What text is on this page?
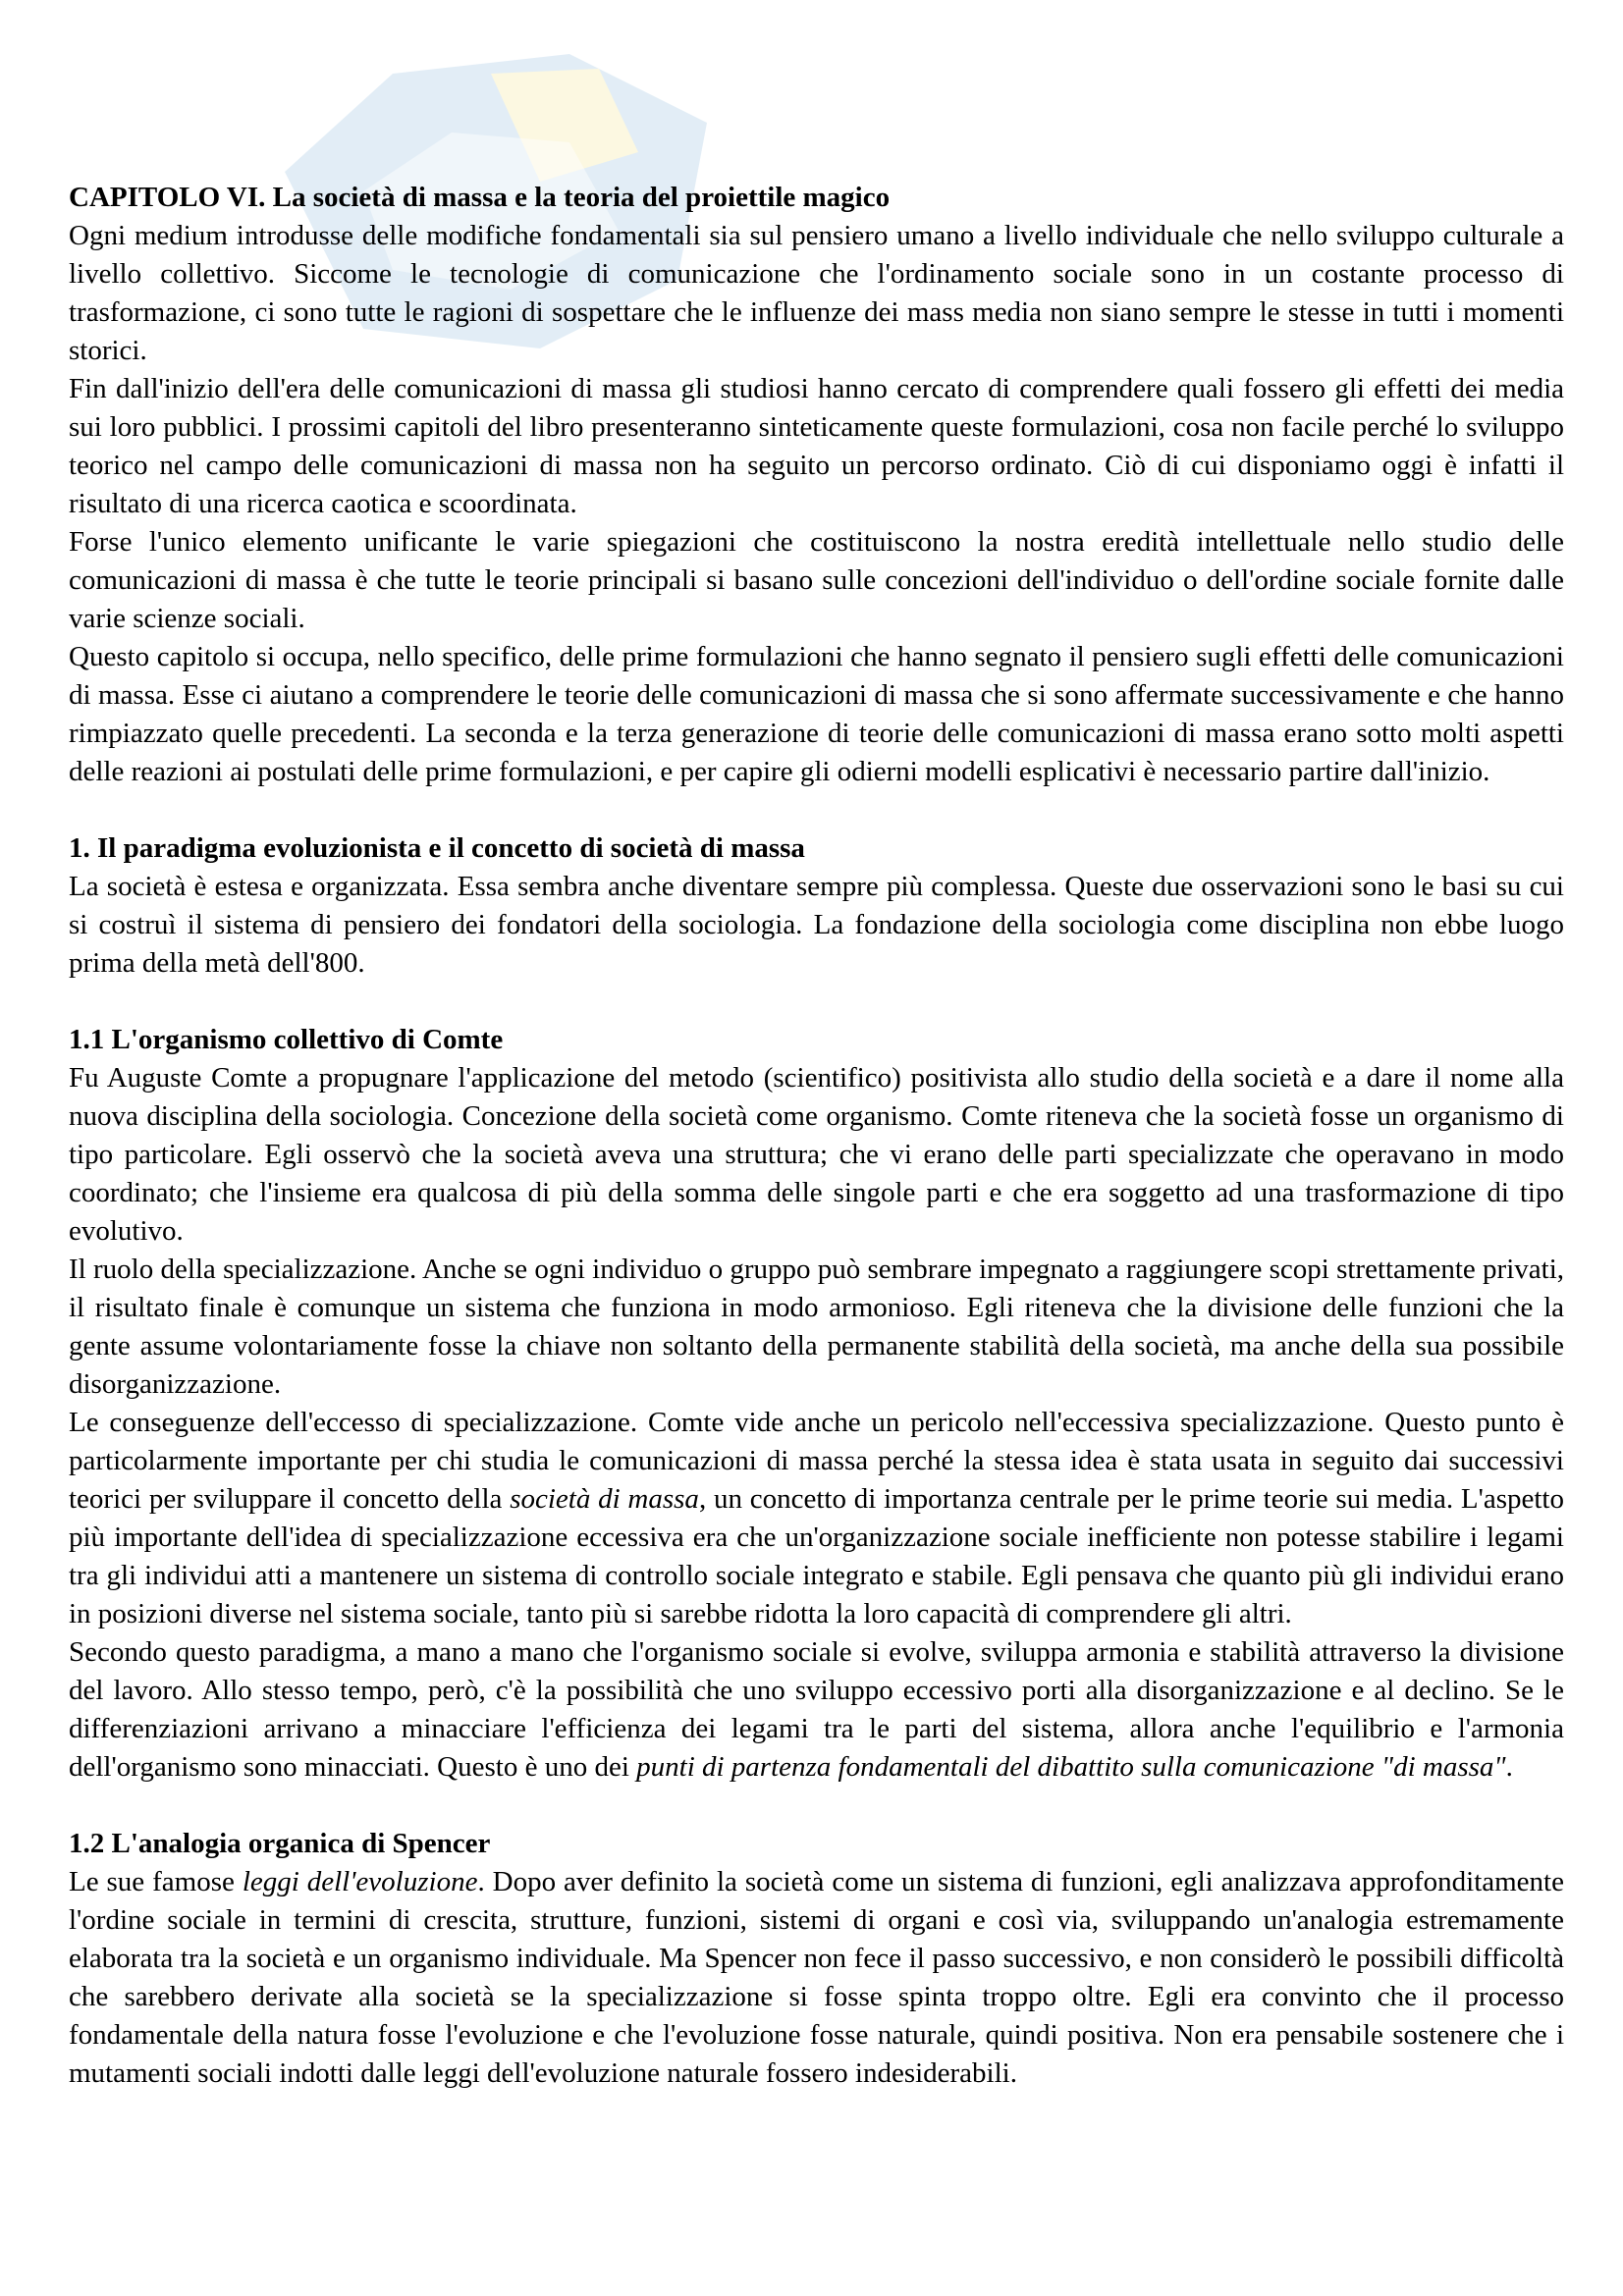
CAPITOLO VI. La società di massa e la teoria del proiettile magico

Ogni medium introdusse delle modifiche fondamentali sia sul pensiero umano a livello individuale che nello sviluppo culturale a livello collettivo. Siccome le tecnologie di comunicazione che l'ordinamento sociale sono in un costante processo di trasformazione, ci sono tutte le ragioni di sospettare che le influenze dei mass media non siano sempre le stesse in tutti i momenti storici.

Fin dall'inizio dell'era delle comunicazioni di massa gli studiosi hanno cercato di comprendere quali fossero gli effetti dei media sui loro pubblici. I prossimi capitoli del libro presenteranno sinteticamente queste formulazioni, cosa non facile perché lo sviluppo teorico nel campo delle comunicazioni di massa non ha seguito un percorso ordinato. Ciò di cui disponiamo oggi è infatti il risultato di una ricerca caotica e scoordinata.

Forse l'unico elemento unificante le varie spiegazioni che costituiscono la nostra eredità intellettuale nello studio delle comunicazioni di massa è che tutte le teorie principali si basano sulle concezioni dell'individuo o dell'ordine sociale fornite dalle varie scienze sociali.

Questo capitolo si occupa, nello specifico, delle prime formulazioni che hanno segnato il pensiero sugli effetti delle comunicazioni di massa. Esse ci aiutano a comprendere le teorie delle comunicazioni di massa che si sono affermate successivamente e che hanno rimpiazzato quelle precedenti. La seconda e la terza generazione di teorie delle comunicazioni di massa erano sotto molti aspetti delle reazioni ai postulati delle prime formulazioni, e per capire gli odierni modelli esplicativi è necessario partire dall'inizio.

1. Il paradigma evoluzionista e il concetto di società di massa

La società è estesa e organizzata. Essa sembra anche diventare sempre più complessa. Queste due osservazioni sono le basi su cui si costruì il sistema di pensiero dei fondatori della sociologia. La fondazione della sociologia come disciplina non ebbe luogo prima della metà dell'800.

1.1 L'organismo collettivo di Comte

Fu Auguste Comte a propugnare l'applicazione del metodo (scientifico) positivista allo studio della società e a dare il nome alla nuova disciplina della sociologia. Concezione della società come organismo. Comte riteneva che la società fosse un organismo di tipo particolare. Egli osservò che la società aveva una struttura; che vi erano delle parti specializzate che operavano in modo coordinato; che l'insieme era qualcosa di più della somma delle singole parti e che era soggetto ad una trasformazione di tipo evolutivo.

Il ruolo della specializzazione. Anche se ogni individuo o gruppo può sembrare impegnato a raggiungere scopi strettamente privati, il risultato finale è comunque un sistema che funziona in modo armonioso. Egli riteneva che la divisione delle funzioni che la gente assume volontariamente fosse la chiave non soltanto della permanente stabilità della società, ma anche della sua possibile disorganizzazione.

Le conseguenze dell'eccesso di specializzazione. Comte vide anche un pericolo nell'eccessiva specializzazione. Questo punto è particolarmente importante per chi studia le comunicazioni di massa perché la stessa idea è stata usata in seguito dai successivi teorici per sviluppare il concetto della società di massa, un concetto di importanza centrale per le prime teorie sui media. L'aspetto più importante dell'idea di specializzazione eccessiva era che un'organizzazione sociale inefficiente non potesse stabilire i legami tra gli individui atti a mantenere un sistema di controllo sociale integrato e stabile. Egli pensava che quanto più gli individui erano in posizioni diverse nel sistema sociale, tanto più si sarebbe ridotta la loro capacità di comprendere gli altri.

Secondo questo paradigma, a mano a mano che l'organismo sociale si evolve, sviluppa armonia e stabilità attraverso la divisione del lavoro. Allo stesso tempo, però, c'è la possibilità che uno sviluppo eccessivo porti alla disorganizzazione e al declino. Se le differenziazioni arrivano a minacciare l'efficienza dei legami tra le parti del sistema, allora anche l'equilibrio e l'armonia dell'organismo sono minacciati. Questo è uno dei punti di partenza fondamentali del dibattito sulla comunicazione "di massa".

1.2 L'analogia organica di Spencer

Le sue famose leggi dell'evoluzione. Dopo aver definito la società come un sistema di funzioni, egli analizzava approfonditamente l'ordine sociale in termini di crescita, strutture, funzioni, sistemi di organi e così via, sviluppando un'analogia estremamente elaborata tra la società e un organismo individuale. Ma Spencer non fece il passo successivo, e non considerò le possibili difficoltà che sarebbero derivate alla società se la specializzazione si fosse spinta troppo oltre. Egli era convinto che il processo fondamentale della natura fosse l'evoluzione e che l'evoluzione fosse naturale, quindi positiva. Non era pensabile sostenere che i mutamenti sociali indotti dalle leggi dell'evoluzione naturale fossero indesiderabili.
